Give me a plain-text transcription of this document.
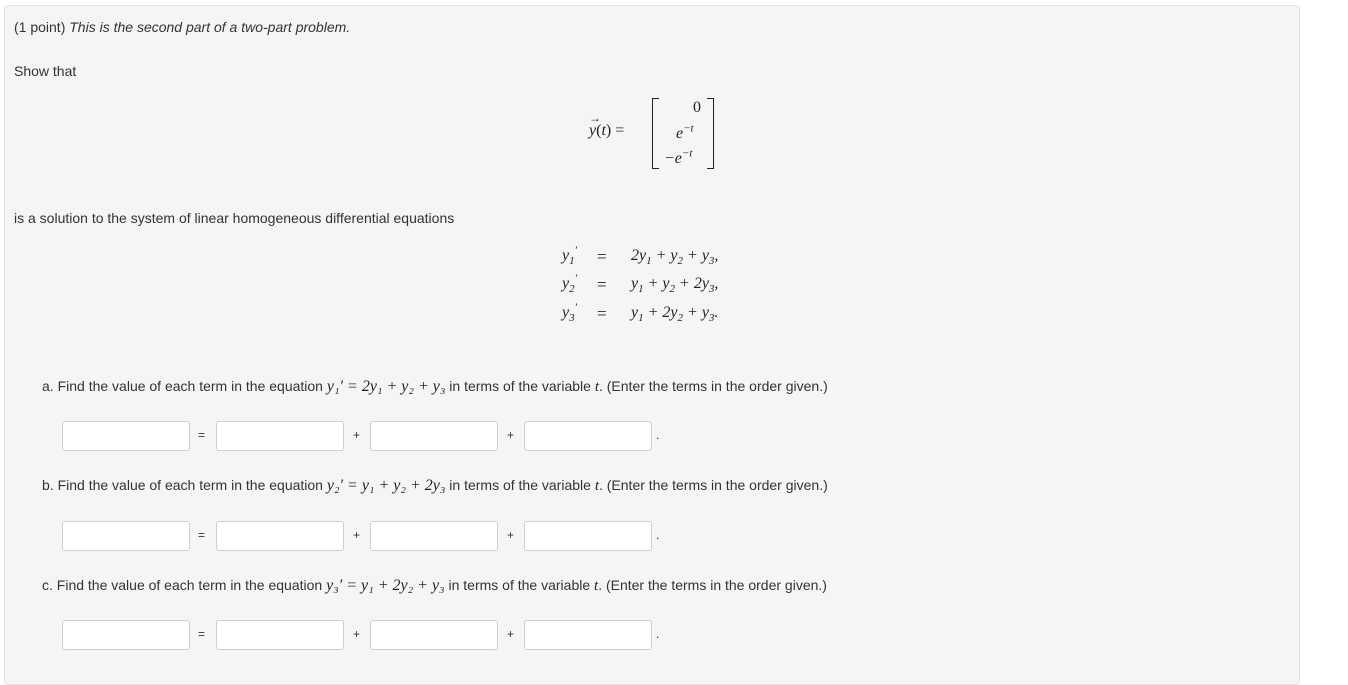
(1 point) This is the second part of a two-part problem.
Show that
y
→
(t) =
0
$e^{-t}$
$-e^{-t}$
is a solution to the system of linear homogeneous differential equations
$y_1' = 2y_1 + y_2 + y_3$,
$y_2' = y_1 + y_2 + 2y_3$,
$y_3' = y_1 + 2y_2 + y_3$.
a. Find the value of each term in the equation y₁′ = 2y₁ + y₂ + y₃ in terms of the variable t. (Enter the terms in the order given.)
=	+	+	.
b. Find the value of each term in the equation y₂′ = y₁ + y₂ + 2y₃ in terms of the variable t. (Enter the terms in the order given.)
=	+	+	.
c. Find the value of each term in the equation y₃′ = y₁ + 2y₂ + y₃ in terms of the variable t. (Enter the terms in the order given.)
=	+	+	.
